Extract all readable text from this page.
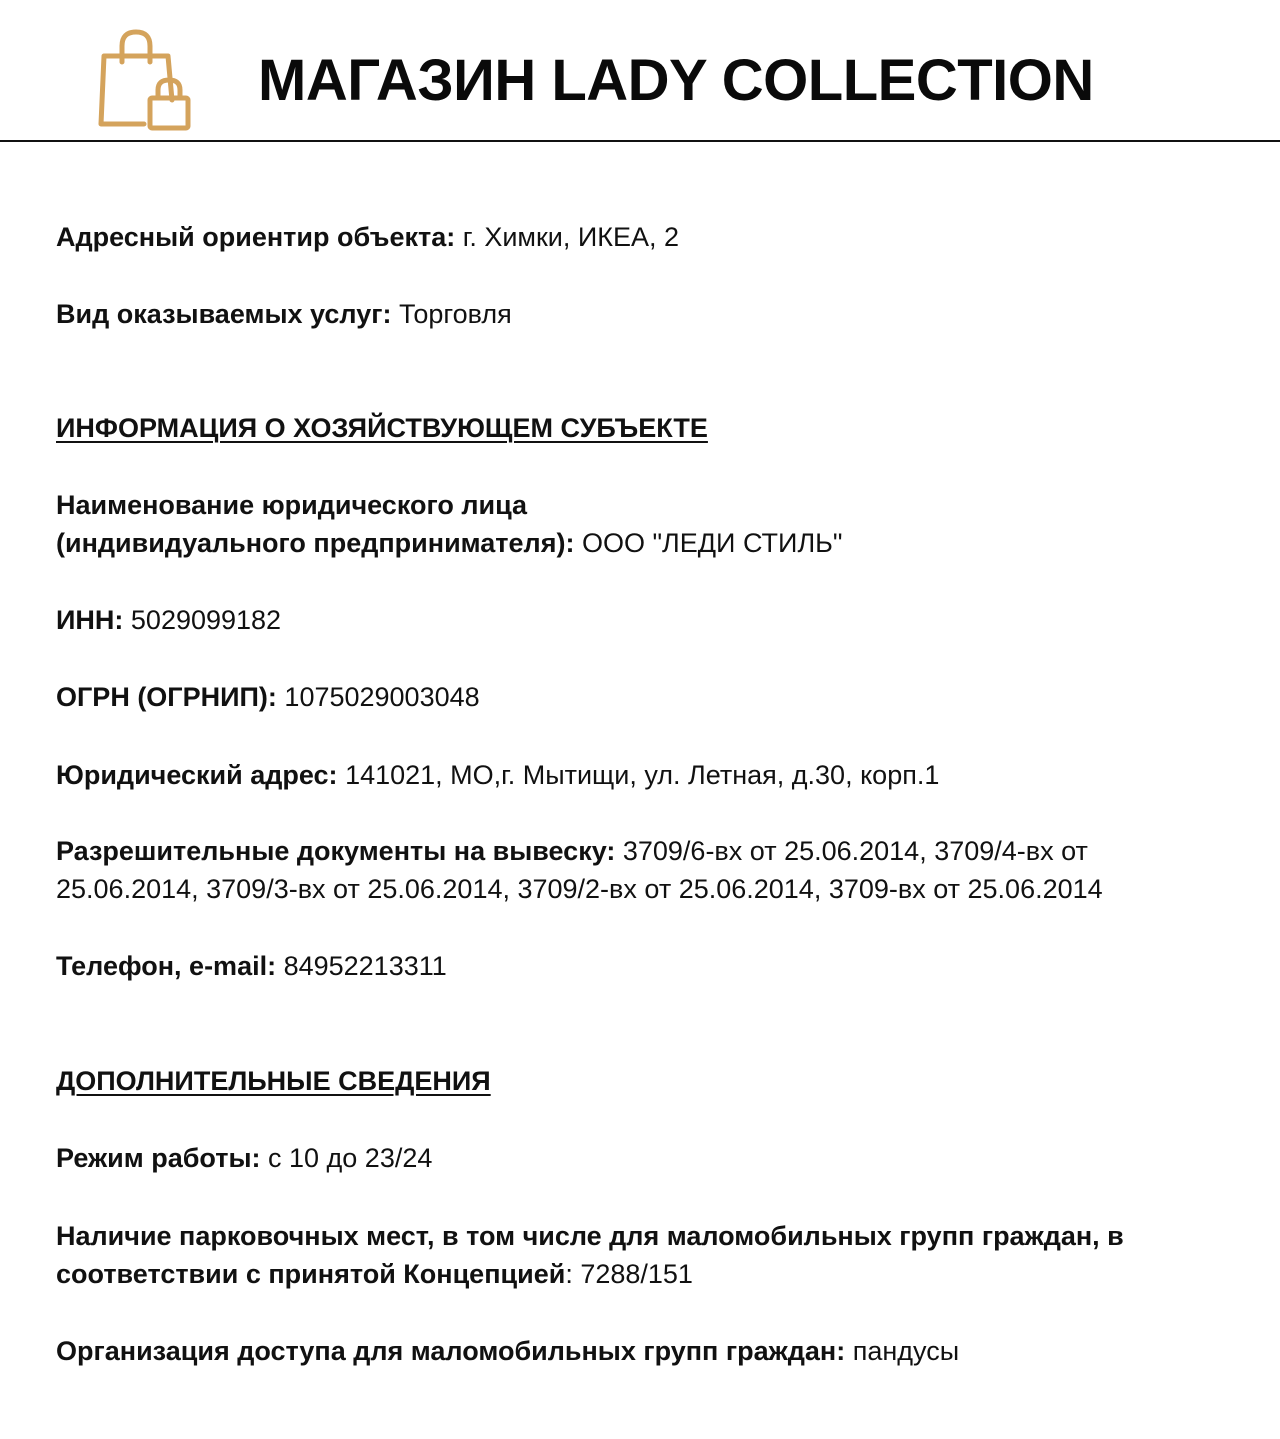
МАГАЗИН LADY COLLECTION
Адресный ориентир объекта: г. Химки, ИКЕА, 2
Вид оказываемых услуг: Торговля
ИНФОРМАЦИЯ О ХОЗЯЙСТВУЮЩЕМ СУБЪЕКТЕ
Наименование юридического лица
(индивидуального предпринимателя): ООО "ЛЕДИ СТИЛЬ"
ИНН: 5029099182
ОГРН (ОГРНИП): 1075029003048
Юридический адрес: 141021, МО,г. Мытищи, ул. Летная, д.30, корп.1
Разрешительные документы на вывеску: 3709/6-вх от 25.06.2014, 3709/4-вх от
25.06.2014, 3709/3-вх от 25.06.2014, 3709/2-вх от 25.06.2014, 3709-вх от 25.06.2014
Телефон, e-mail: 84952213311
ДОПОЛНИТЕЛЬНЫЕ СВЕДЕНИЯ
Режим работы: с 10 до 23/24
Наличие парковочных мест, в том числе для маломобильных групп граждан, в
соответствии с принятой Концепцией: 7288/151
Организация доступа для маломобильных групп граждан: пандусы
